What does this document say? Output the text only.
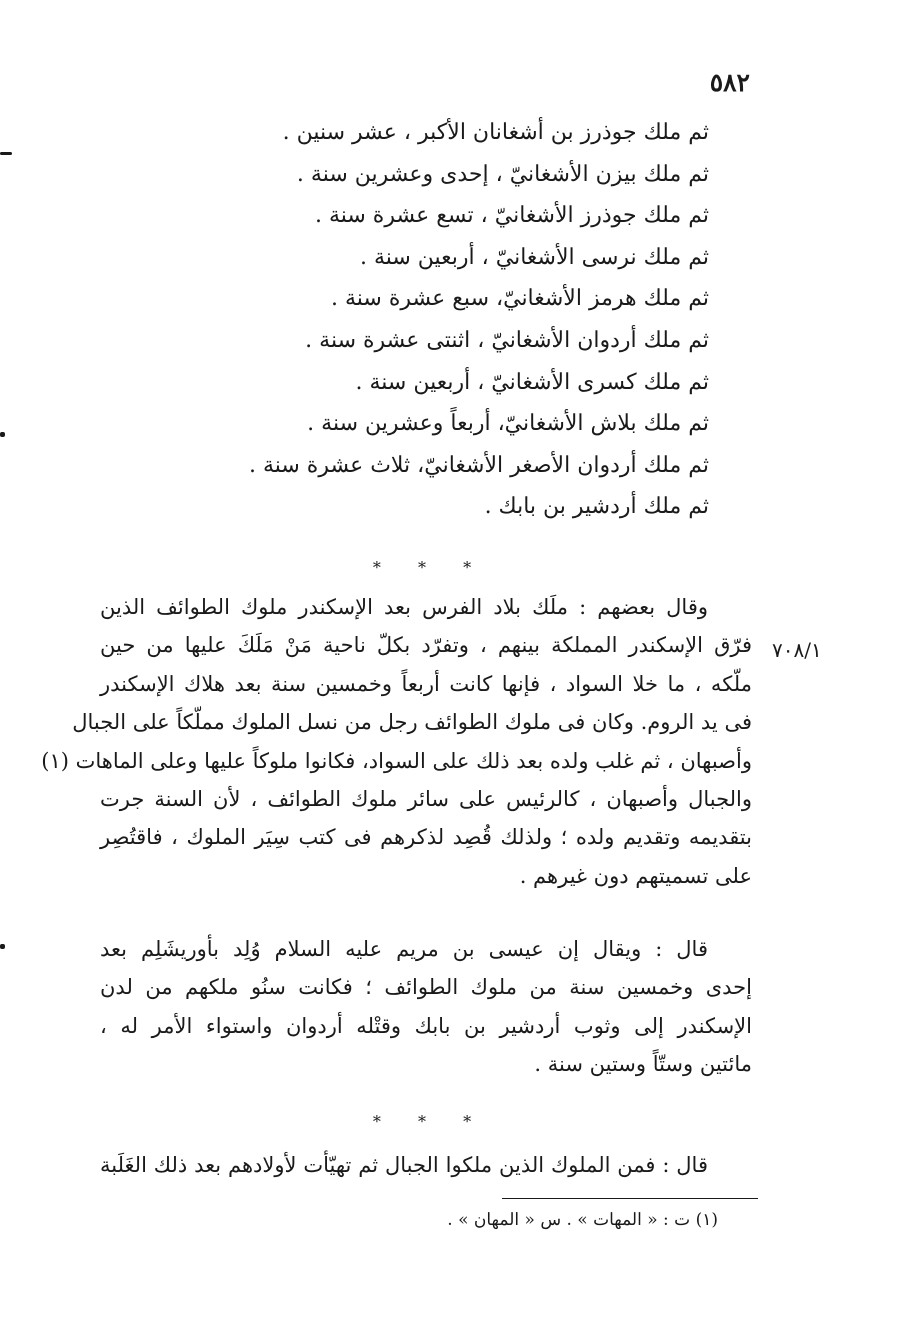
٥٨٢
ثم ملك جوذرز بن أشغانان الأكبر ، عشر سنين .
ثم ملك بيزن الأشغانيّ ، إحدى وعشرين سنة .
ثم ملك جوذرز الأشغانيّ ، تسع عشرة سنة .
ثم ملك نرسى الأشغانيّ ، أربعين سنة .
ثم ملك هرمز الأشغانيّ، سبع عشرة سنة .
ثم ملك أردوان الأشغانيّ ، اثنتى عشرة سنة .
ثم ملك كسرى الأشغانيّ ، أربعين سنة .
ثم ملك بلاش الأشغانيّ، أربعاً وعشرين سنة .
ثم ملك أردوان الأصغر الأشغانيّ، ثلاث عشرة سنة .
ثم ملك أردشير بن بابك .
* * *
٧٠٨/١
وقال بعضهم : ملَك بلاد الفرس بعد الإسكندر ملوك الطوائف الذين
فرّق الإسكندر المملكة بينهم ، وتفرّد بكلّ ناحية مَنْ مَلَكَ عليها من حين
ملّكه ، ما خلا السواد ، فإنها كانت أربعاً وخمسين سنة بعد هلاك الإسكندر
فى يد الروم. وكان فى ملوك الطوائف رجل من نسل الملوك مملّكاً على الجبال
وأصبهان ، ثم غلب ولده بعد ذلك على السواد، فكانوا ملوكاً عليها وعلى الماهات (١)
والجبال وأصبهان ، كالرئيس على سائر ملوك الطوائف ، لأن السنة جرت
بتقديمه وتقديم ولده ؛ ولذلك قُصِد لذكرهم فى كتب سِيَر الملوك ، فاقتُصِر
على تسميتهم دون غيرهم .
قال : ويقال إن عيسى بن مريم عليه السلام وُلِد بأوريشَلِم بعد
إحدى وخمسين سنة من ملوك الطوائف ؛ فكانت سنُو ملكهم من لدن
الإسكندر إلى وثوب أردشير بن بابك وقتْله أردوان واستواء الأمر له ،
مائتين وستّاً وستين سنة .
* * *
قال : فمن الملوك الذين ملكوا الجبال ثم تهيّأت لأولادهم بعد ذلك الغَلَبة
(١) ت : « المهات » . س « المهان » .
